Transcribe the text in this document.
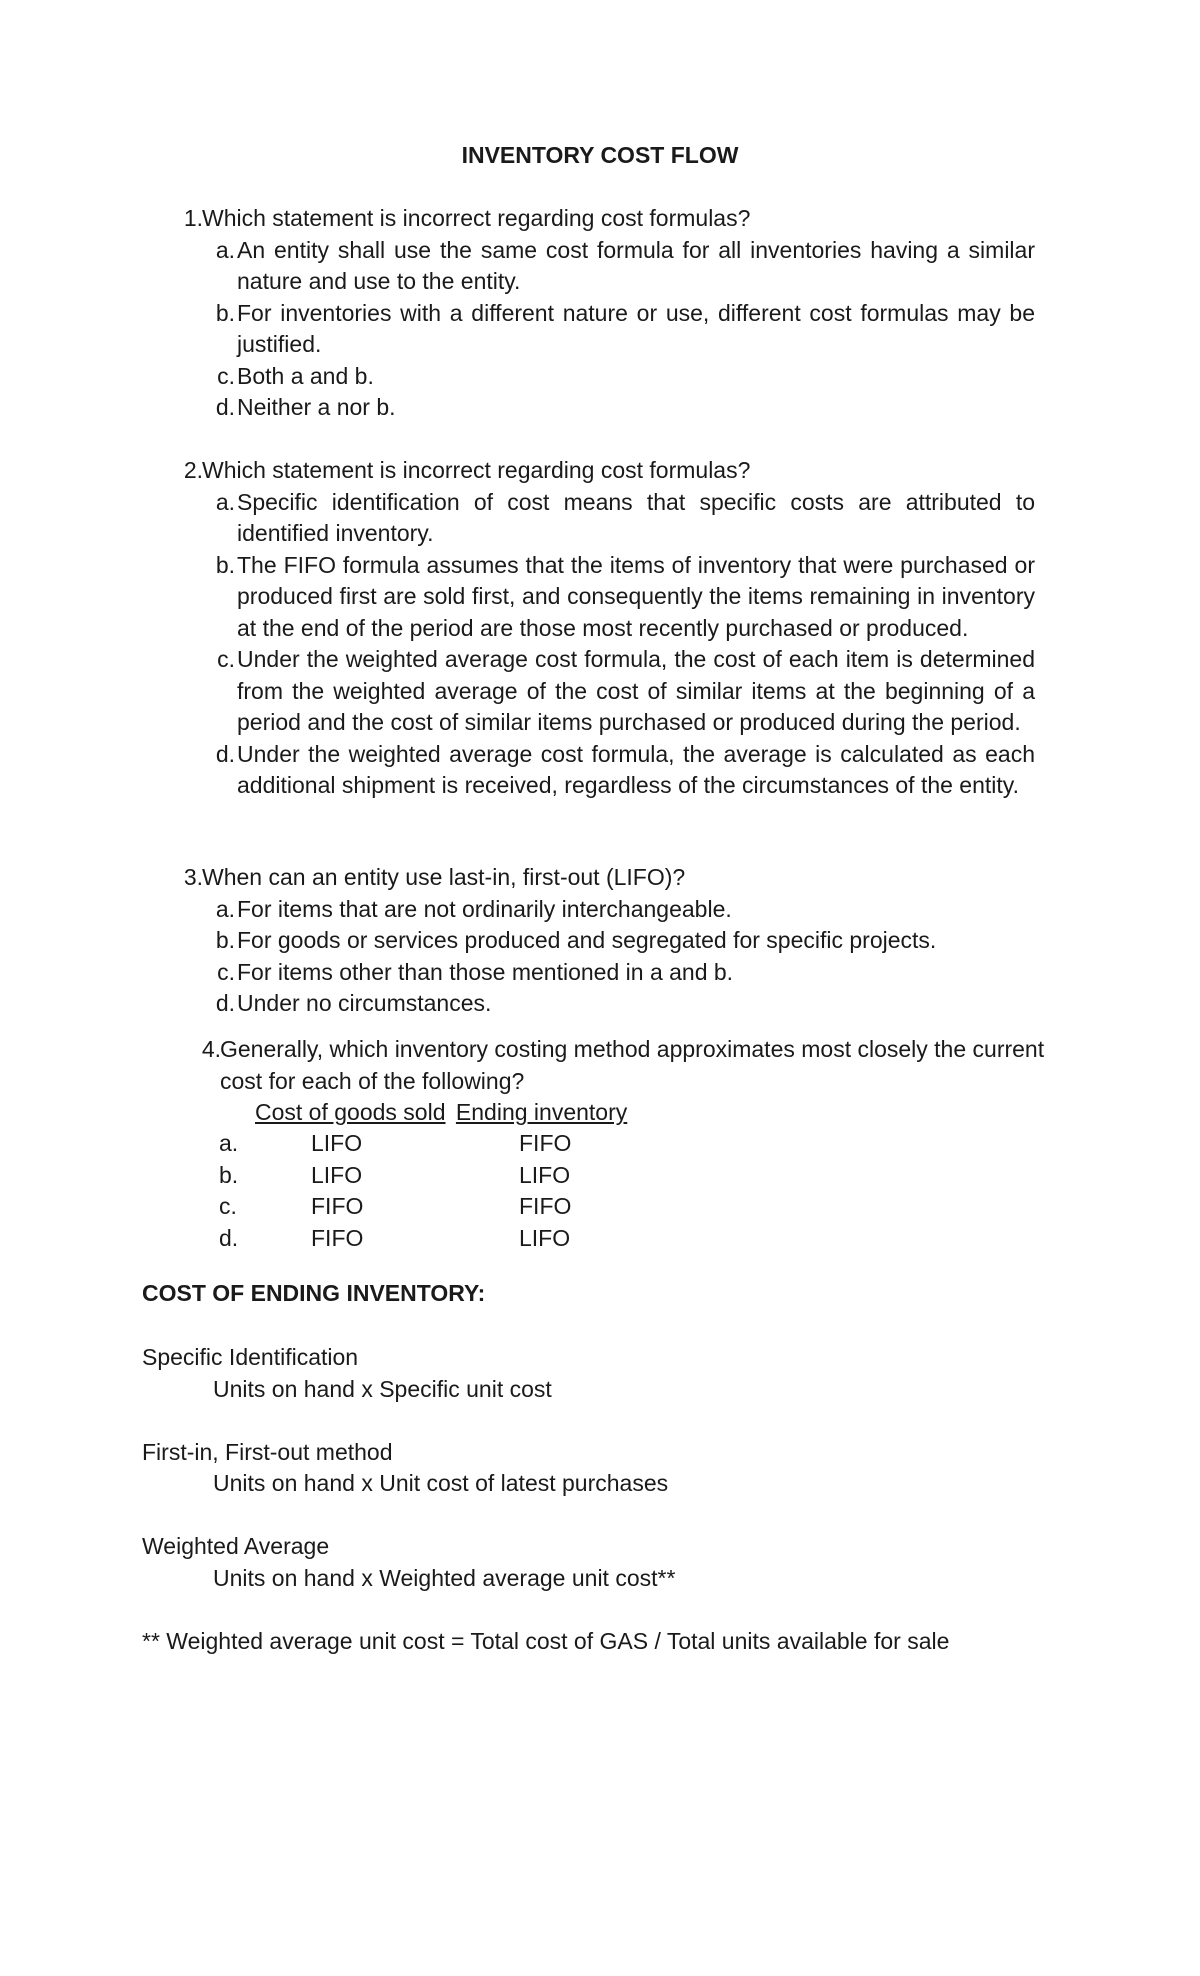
INVENTORY COST FLOW
1. Which statement is incorrect regarding cost formulas?
a. An entity shall use the same cost formula for all inventories having a similar nature and use to the entity.
b. For inventories with a different nature or use, different cost formulas may be justified.
c. Both a and b.
d. Neither a nor b.
2. Which statement is incorrect regarding cost formulas?
a. Specific identification of cost means that specific costs are attributed to identified inventory.
b. The FIFO formula assumes that the items of inventory that were purchased or produced first are sold first, and consequently the items remaining in inventory at the end of the period are those most recently purchased or produced.
c. Under the weighted average cost formula, the cost of each item is determined from the weighted average of the cost of similar items at the beginning of a period and the cost of similar items purchased or produced during the period.
d. Under the weighted average cost formula, the average is calculated as each additional shipment is received, regardless of the circumstances of the entity.
3. When can an entity use last-in, first-out (LIFO)?
a. For items that are not ordinarily interchangeable.
b. For goods or services produced and segregated for specific projects.
c. For items other than those mentioned in a and b.
d. Under no circumstances.
4. Generally, which inventory costing method approximates most closely the current cost for each of the following?
Cost of goods sold Ending inventory
a.
b.
c.
d.
LIFO
LIFO
FIFO
FIFO
FIFO
LIFO
FIFO
LIFO
COST OF ENDING INVENTORY:
Specific Identification
Units on hand x Specific unit cost
First-in, First-out method
Units on hand x Unit cost of latest purchases
Weighted Average
Units on hand x Weighted average unit cost**
** Weighted average unit cost = Total cost of GAS / Total units available for sale
